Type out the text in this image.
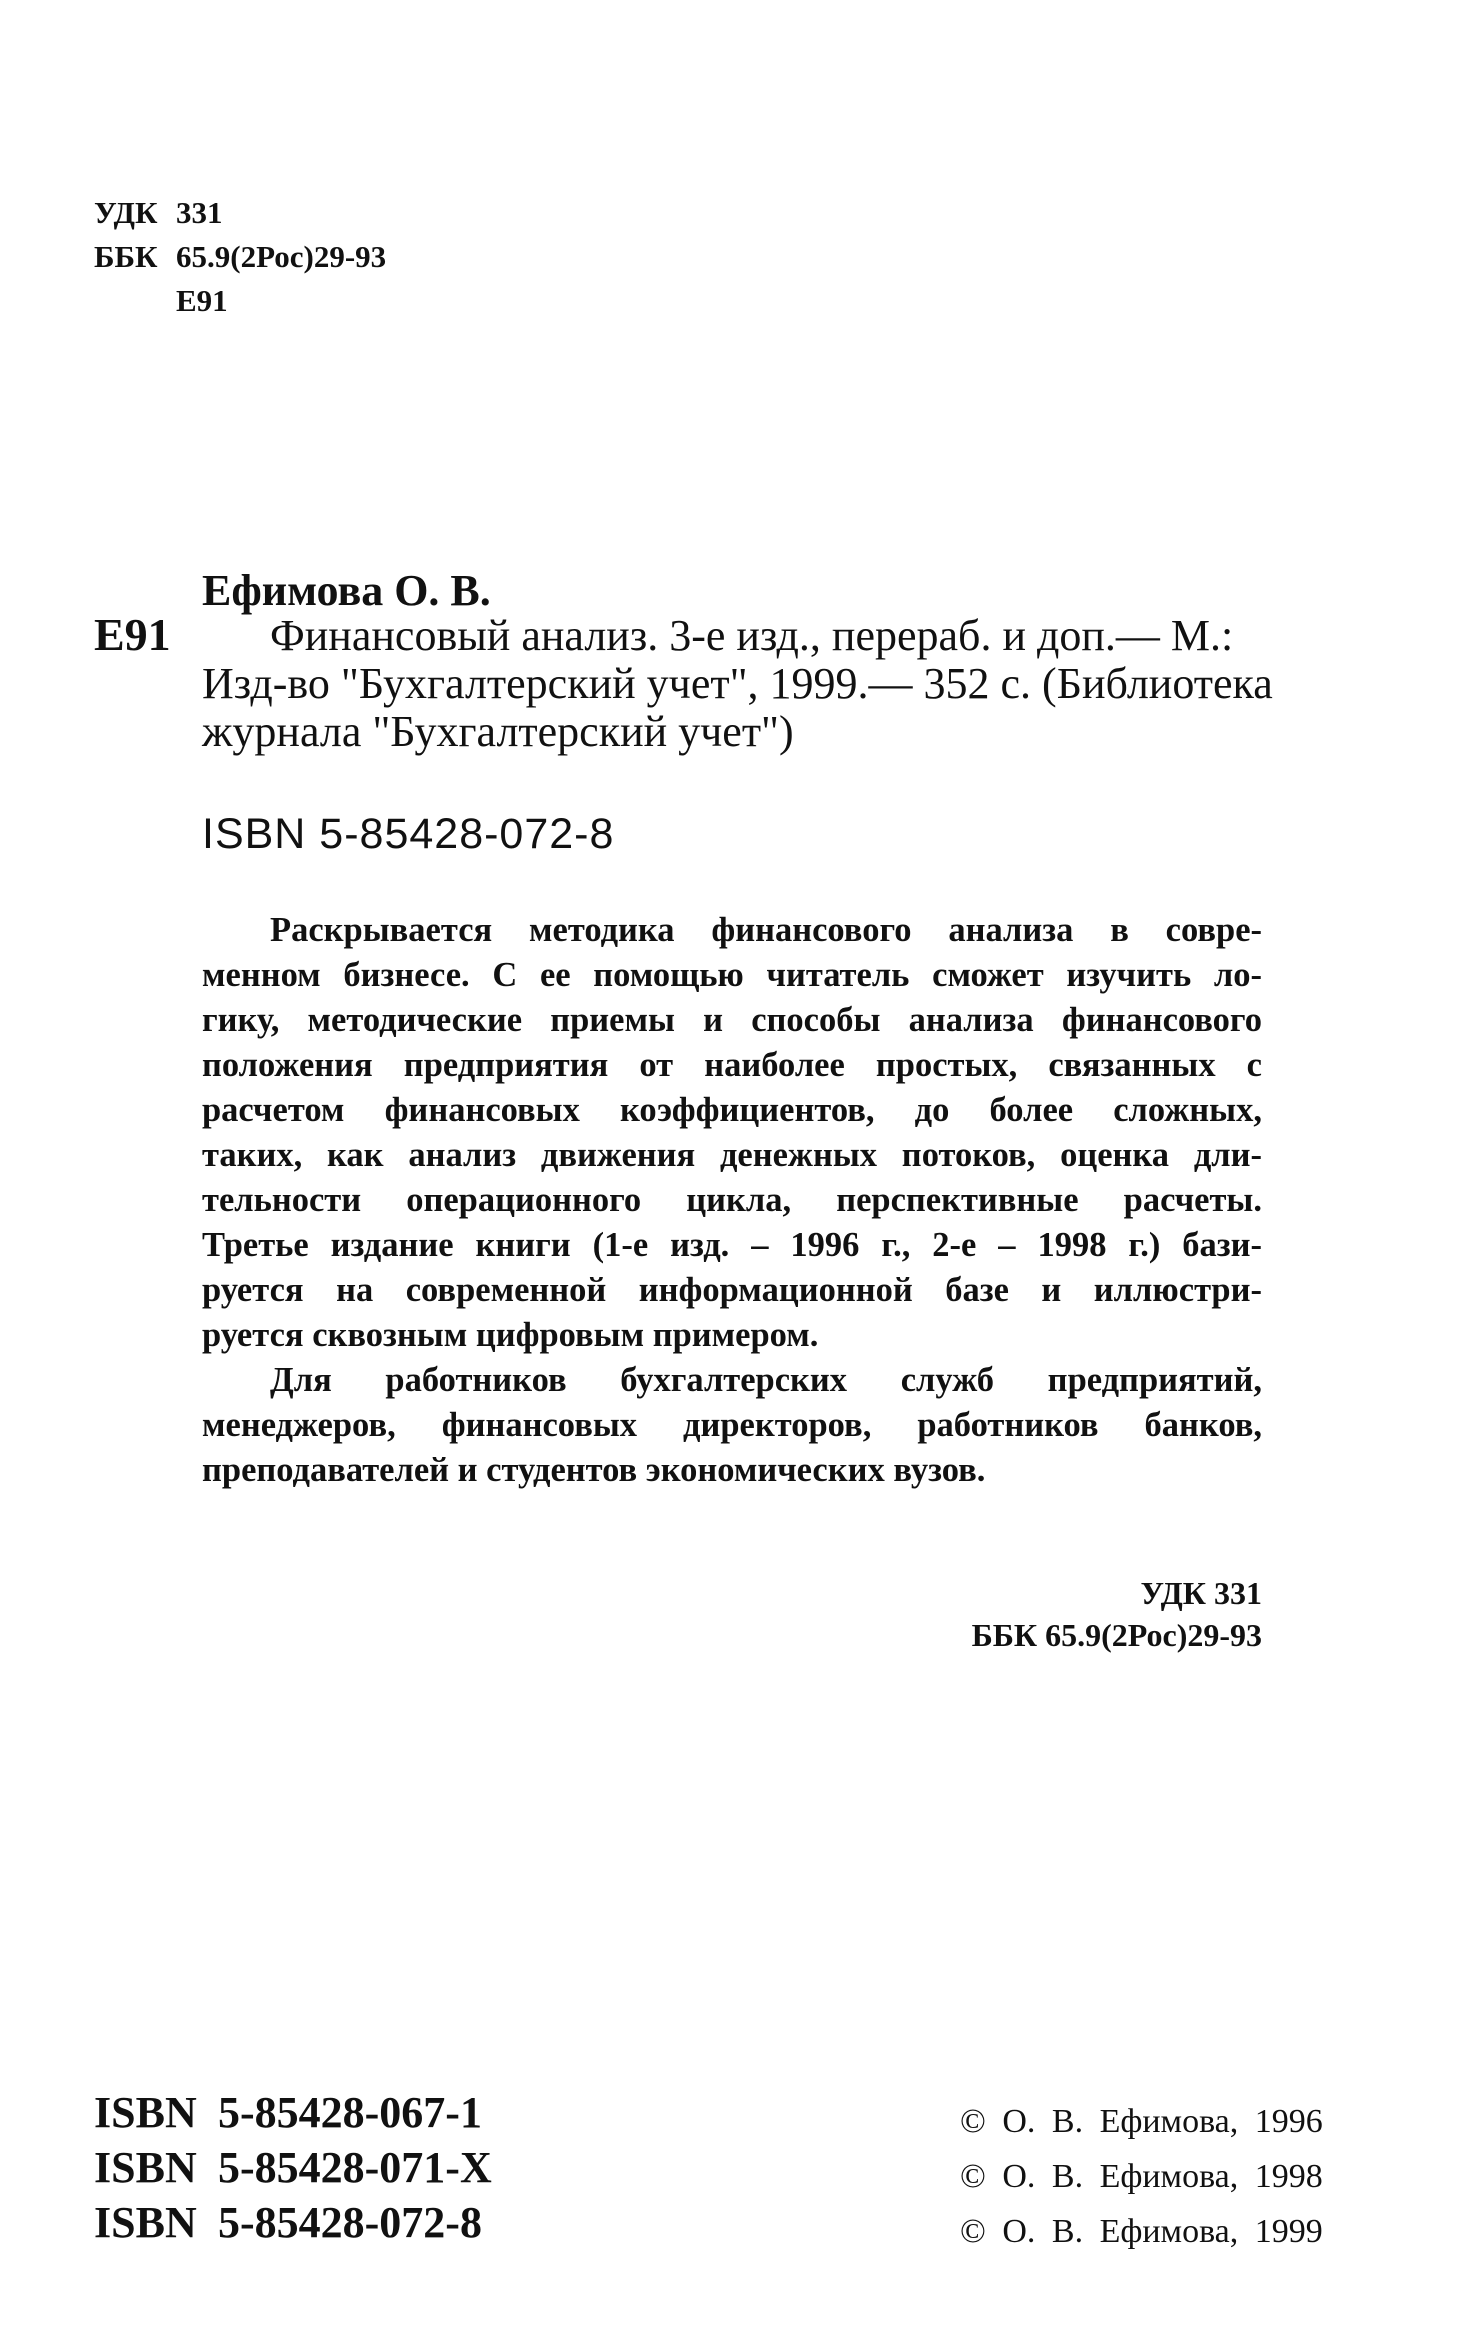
УДК 331
ББК 65.9(2Рос)29-93
Е91
Ефимова О. В.
Е91	Финансовый анализ. 3-е изд., перераб. и доп.— М.:
Изд-во "Бухгалтерский учет", 1999.— 352 с. (Библиотека
журнала "Бухгалтерский учет")
ISBN 5-85428-072-8
Раскрывается методика финансового анализа в совре-
менном бизнесе. С ее помощью читатель сможет изучить ло-
гику, методические приемы и способы анализа финансового
положения предприятия от наиболее простых, связанных с
расчетом финансовых коэффициентов, до более сложных,
таких, как анализ движения денежных потоков, оценка дли-
тельности операционного цикла, перспективные расчеты.
Третье издание книги (1-е изд. – 1996 г., 2-е – 1998 г.) бази-
руется на современной информационной базе и иллюстри-
руется сквозным цифровым примером.
Для работников бухгалтерских служб предприятий,
менеджеров, финансовых директоров, работников банков,
преподавателей и студентов экономических вузов.
УДК 331
ББК 65.9(2Рос)29-93
ISBN 5-85428-067-1
ISBN 5-85428-071-X
ISBN 5-85428-072-8
© О. В. Ефимова, 1996
© О. В. Ефимова, 1998
© О. В. Ефимова, 1999
